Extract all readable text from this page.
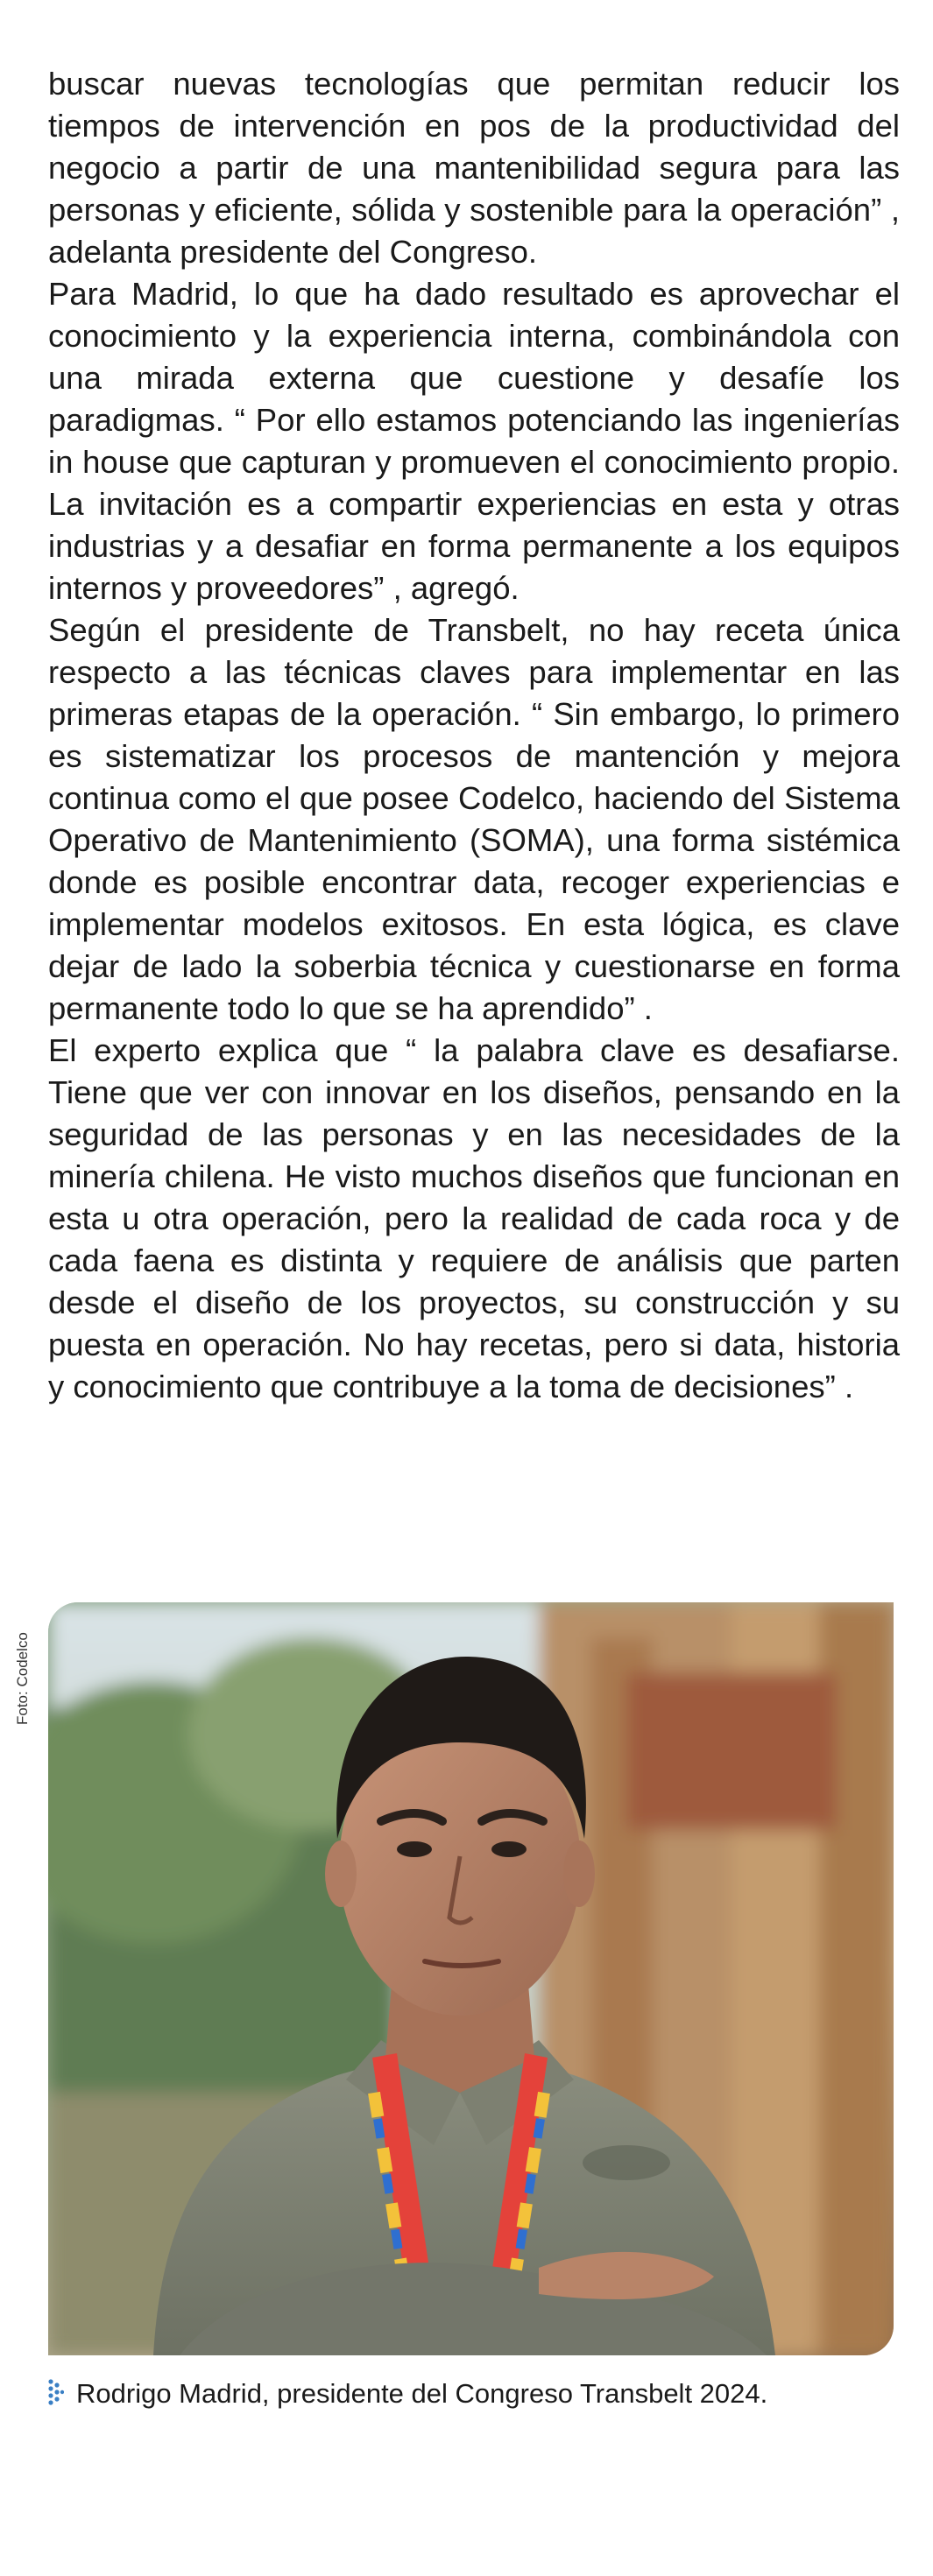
buscar nuevas tecnologías que permitan reducir los tiempos de intervención en pos de la productividad del negocio a partir de una mantenibilidad segura para las personas y eficiente, sólida y sostenible para la operación” , adelanta presidente del Congreso.

Para Madrid, lo que ha dado resultado es aprovechar el conocimiento y la experiencia interna, combinándola con una mirada externa que cuestione y desafíe los paradigmas. “ Por ello estamos potenciando las ingenierías in house que capturan y promueven el conocimiento propio. La invitación es a compartir experiencias en esta y otras industrias y a desafiar en forma permanente a los equipos internos y proveedores” , agregó.

Según el presidente de Transbelt, no hay receta única respecto a las técnicas claves para implementar en las primeras etapas de la operación. “ Sin embargo, lo primero es sistematizar los procesos de mantención y mejora continua como el que posee Codelco, haciendo del Sistema Operativo de Mantenimiento (SOMA), una forma sistémica donde es posible encontrar data, recoger experiencias e implementar modelos exitosos. En esta lógica, es clave dejar de lado la soberbia técnica y cuestionarse en forma permanente todo lo que se ha aprendido” .

El experto explica que “ la palabra clave es desafiarse. Tiene que ver con innovar en los diseños, pensando en la seguridad de las personas y en las necesidades de la minería chilena. He visto muchos diseños que funcionan en esta u otra operación, pero la realidad de cada roca y de cada faena es distinta y requiere de análisis que parten desde el diseño de los proyectos, su construcción y su puesta en operación. No hay recetas, pero si data, historia y conocimiento que contribuye a la toma de decisiones” .

Foto: Codelco
Rodrigo Madrid, presidente del Congreso Transbelt 2024.
